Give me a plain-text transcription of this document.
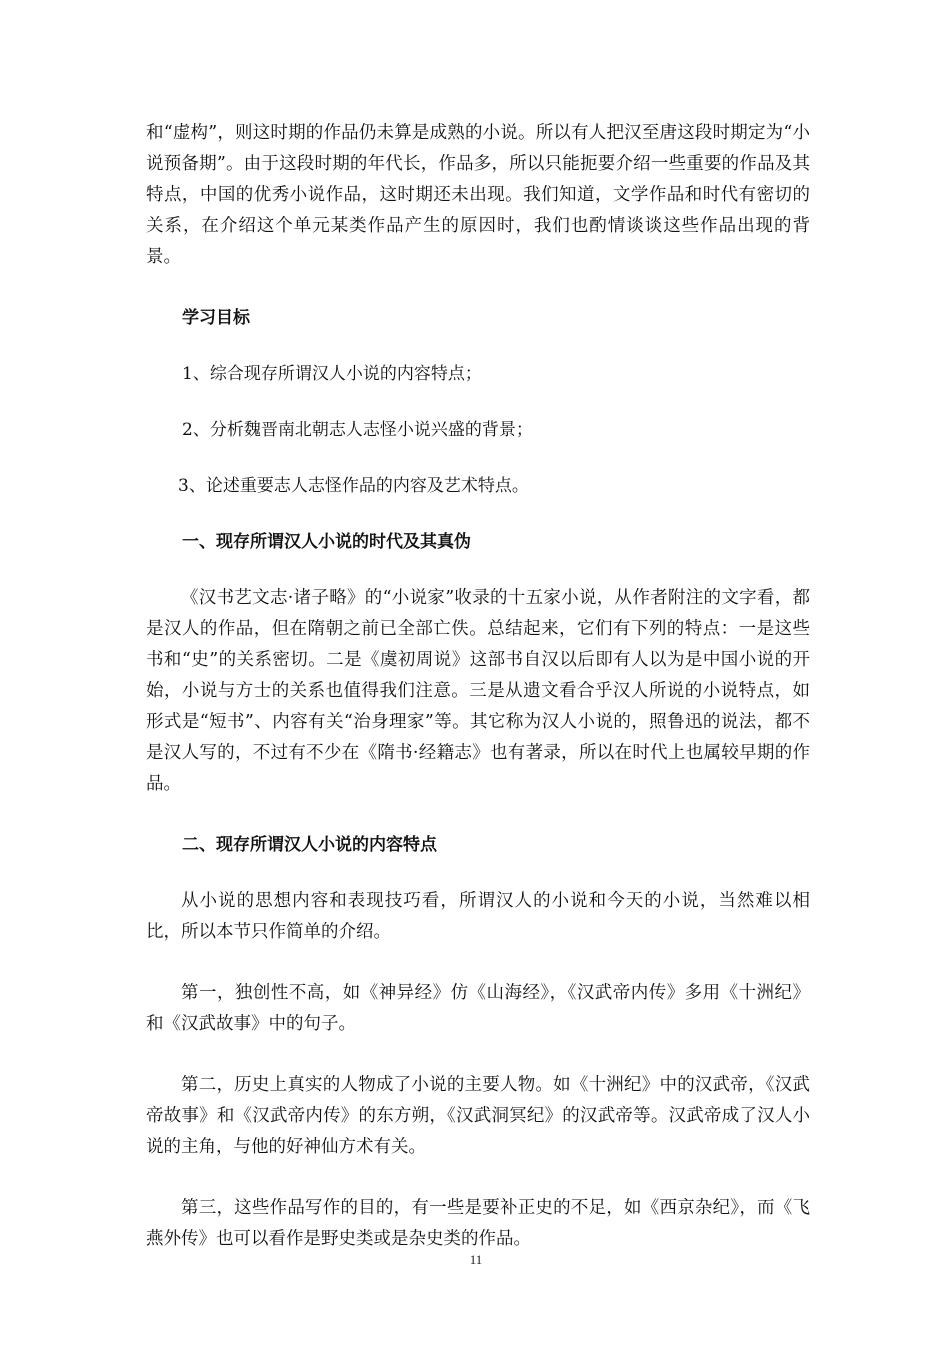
和“虚构”，则这时期的作品仍未算是成熟的小说。所以有人把汉至唐这段时期定为“小说预备期”。由于这段时期的年代长，作品多，所以只能扼要介绍一些重要的作品及其特点，中国的优秀小说作品，这时期还未出现。我们知道，文学作品和时代有密切的关系，在介绍这个单元某类作品产生的原因时，我们也酌情谈谈这些作品出现的背景。

学习目标

1、综合现存所谓汉人小说的内容特点；

2、分析魏晋南北朝志人志怪小说兴盛的背景；

3、论述重要志人志怪作品的内容及艺术特点。

一、现存所谓汉人小说的时代及其真伪

《汉书艺文志·诸子略》的“小说家”收录的十五家小说，从作者附注的文字看，都是汉人的作品，但在隋朝之前已全部亡佚。总结起来，它们有下列的特点：一是这些书和“史”的关系密切。二是《虞初周说》这部书自汉以后即有人以为是中国小说的开始，小说与方士的关系也值得我们注意。三是从遗文看合乎汉人所说的小说特点，如形式是“短书”、内容有关“治身理家”等。其它称为汉人小说的，照鲁迅的说法，都不是汉人写的，不过有不少在《隋书·经籍志》也有著录，所以在时代上也属较早期的作品。

二、现存所谓汉人小说的内容特点

从小说的思想内容和表现技巧看，所谓汉人的小说和今天的小说，当然难以相比，所以本节只作简单的介绍。

第一，独创性不高，如《神异经》仿《山海经》，《汉武帝内传》多用《十洲纪》和《汉武故事》中的句子。

第二，历史上真实的人物成了小说的主要人物。如《十洲纪》中的汉武帝，《汉武帝故事》和《汉武帝内传》的东方朔，《汉武洞冥纪》的汉武帝等。汉武帝成了汉人小说的主角，与他的好神仙方术有关。

第三，这些作品写作的目的，有一些是要补正史的不足，如《西京杂纪》，而《飞燕外传》也可以看作是野史类或是杂史类的作品。

11
